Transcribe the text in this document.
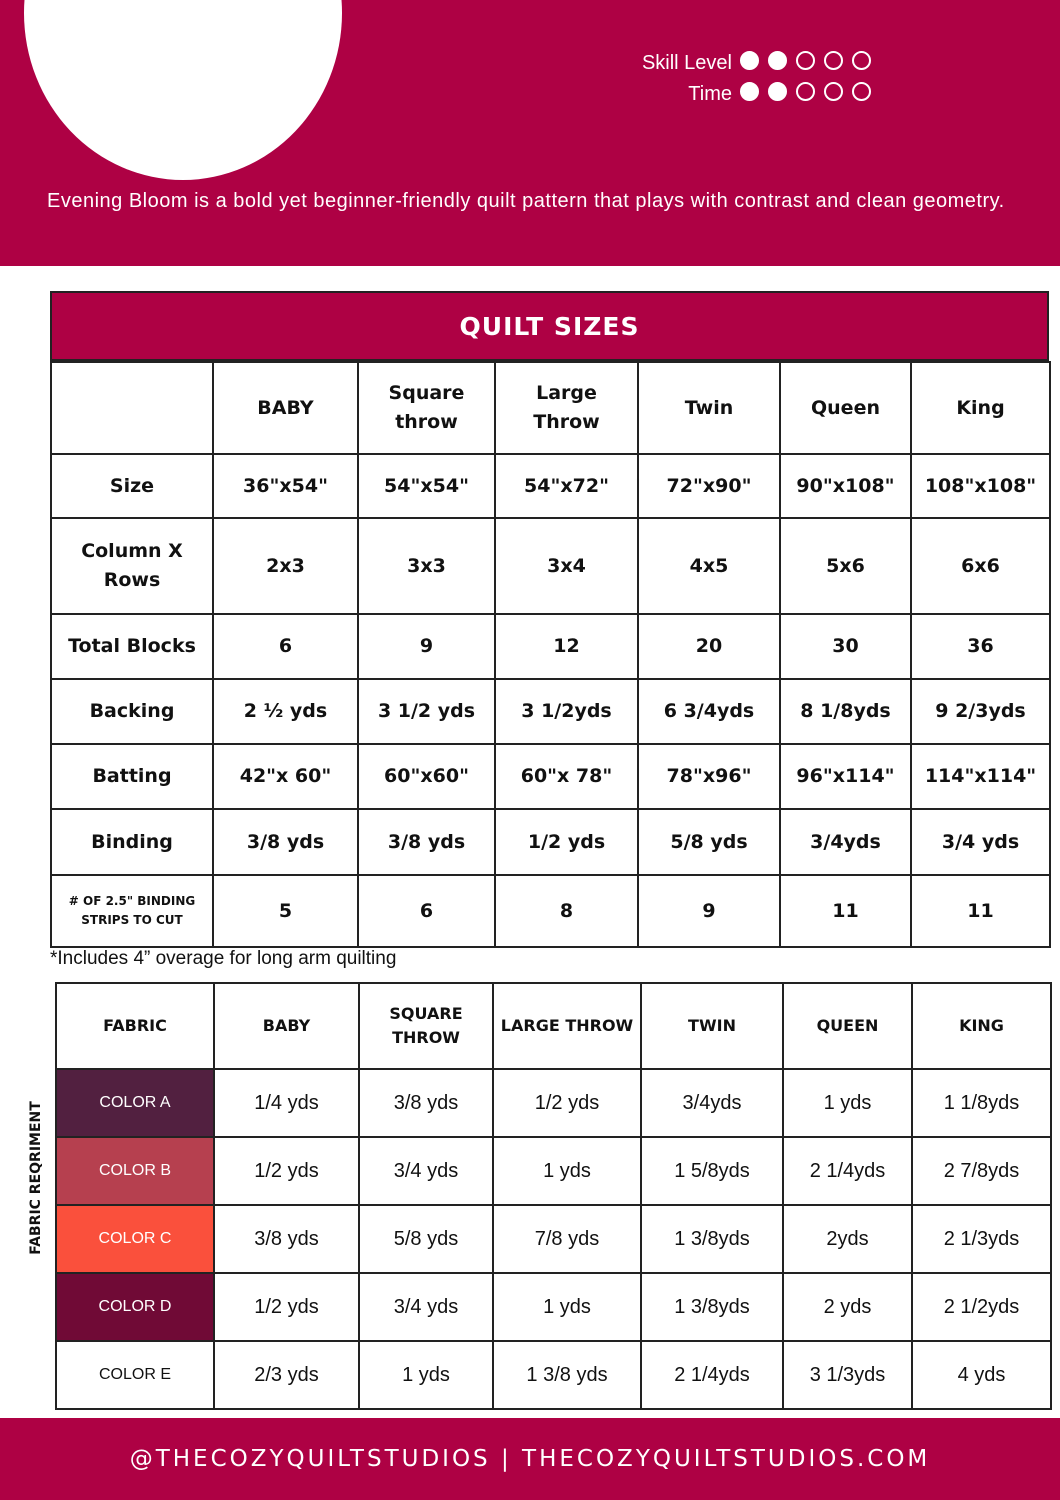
Skill Level
Time

Evening Bloom is a bold yet beginner-friendly quilt pattern that plays with contrast and clean geometry.

QUILT SIZES
	BABY	Square throw	Large Throw	Twin	Queen	King
Size	36"x54"	54"x54"	54"x72"	72"x90"	90"x108"	108"x108"
Column X Rows	2x3	3x3	3x4	4x5	5x6	6x6
Total Blocks	6	9	12	20	30	36
Backing	2 ½ yds	3 1/2 yds	3 1/2yds	6 3/4yds	8 1/8yds	9 2/3yds
Batting	42"x 60"	60"x60"	60"x 78"	78"x96"	96"x114"	114"x114"
Binding	3/8 yds	3/8 yds	1/2 yds	5/8 yds	3/4yds	3/4 yds
# OF 2.5" BINDING STRIPS TO CUT	5	6	8	9	11	11
*Includes 4” overage for long arm quilting
FABRIC REQRIMENT
FABRIC	BABY	SQUARE THROW	LARGE THROW	TWIN	QUEEN	KING
COLOR A	1/4 yds	3/8 yds	1/2 yds	3/4yds	1 yds	1 1/8yds
COLOR B	1/2 yds	3/4 yds	1 yds	1 5/8yds	2 1/4yds	2 7/8yds
COLOR C	3/8 yds	5/8 yds	7/8 yds	1 3/8yds	2yds	2 1/3yds
COLOR D	1/2 yds	3/4 yds	1 yds	1 3/8yds	2 yds	2 1/2yds
COLOR E	2/3 yds	1 yds	1 3/8 yds	2 1/4yds	3 1/3yds	4 yds
@THECOZYQUILTSTUDIOS | THECOZYQUILTSTUDIOS.COM
